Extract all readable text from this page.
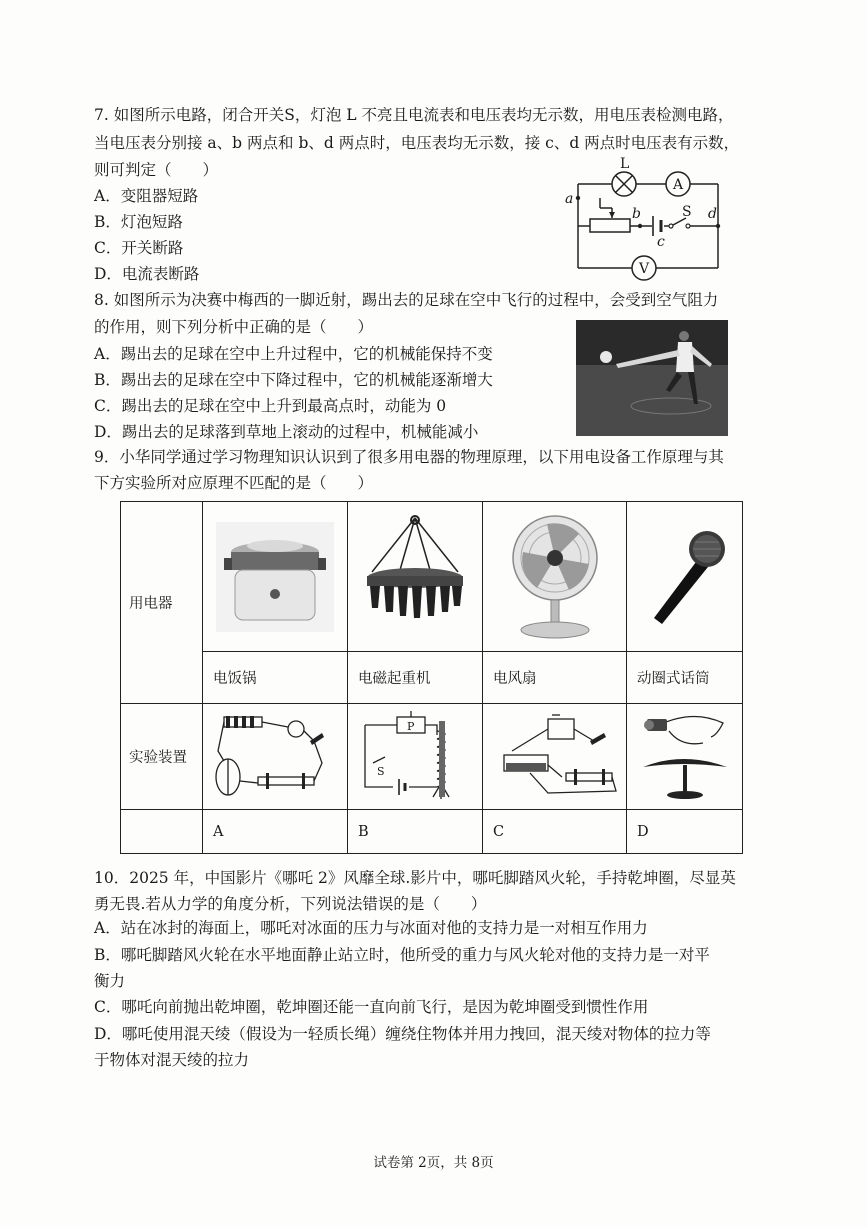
7. 如图所示电路，闭合开关S，灯泡 L 不亮且电流表和电压表均无示数，用电压表检测电路，
当电压表分别接 a、b 两点和 b、d 两点时，电压表均无示数，接 c、d 两点时电压表有示数，
则可判定（　　）
A．变阻器短路
B．灯泡短路
C．开关断路
D．电流表断路
L
A
V
a
b
c
d
S
8. 如图所示为决赛中梅西的一脚近射，踢出去的足球在空中飞行的过程中，会受到空气阻力
的作用，则下列分析中正确的是（　　）
A．踢出去的足球在空中上升过程中，它的机械能保持不变
B．踢出去的足球在空中下降过程中，它的机械能逐渐增大
C．踢出去的足球在空中上升到最高点时，动能为 0
D．踢出去的足球落到草地上滚动的过程中，机械能减小
9．小华同学通过学习物理知识认识到了很多用电器的物理原理，以下用电设备工作原理与其
下方实验所对应原理不匹配的是（　　）
用电器	

	电饭锅	电磁起重机	电风扇	动圈式话筒
实验装置		S
P

	A	B	C	D
10．2025 年，中国影片《哪吒 2》风靡全球.影片中，哪吒脚踏风火轮，手持乾坤圈，尽显英
勇无畏.若从力学的角度分析，下列说法错误的是（　　）
A．站在冰封的海面上，哪吒对冰面的压力与冰面对他的支持力是一对相互作用力
B．哪吒脚踏风火轮在水平地面静止站立时，他所受的重力与风火轮对他的支持力是一对平
衡力
C．哪吒向前抛出乾坤圈，乾坤圈还能一直向前飞行，是因为乾坤圈受到惯性作用
D．哪吒使用混天绫（假设为一轻质长绳）缠绕住物体并用力拽回，混天绫对物体的拉力等
于物体对混天绫的拉力
试卷第 2页，共 8页
